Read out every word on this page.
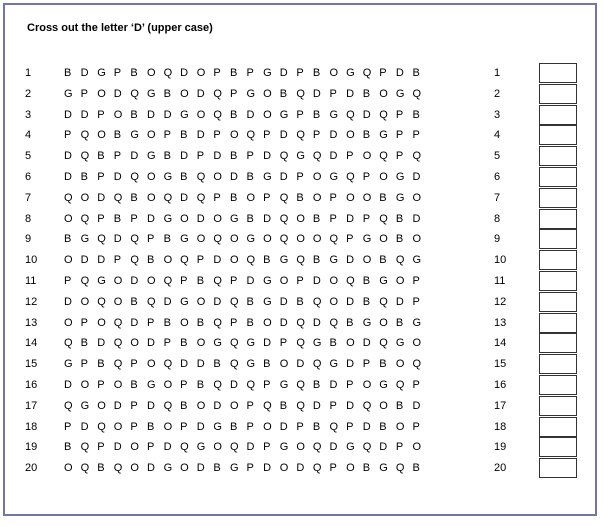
Cross out the letter ‘D’ (upper case)
1	B D G P B O Q D O P B P G D P B O G Q P D B	1
2	G P O D Q G B O D Q P G O B Q D P D B O G Q	2
3	D D P O B D D G O Q B D O G P B G Q D Q P B	3
4	P Q O B G O P B D P O Q P D Q P D O B G P P	4
5	D Q B P D G B D P D B P D Q G Q D P O Q P Q	5
6	D B P D Q O G B Q O D B G D P O G Q P O G D	6
7	Q O D Q B O Q D Q P B O P Q B O P O O B G O	7
8	O Q P B P D G O D O G B D Q O B P D P Q B D	8
9	B G Q D Q P B G O Q O G O Q O O Q P G O B O	9
10 O D D P Q B O Q P D O Q B G Q B G D O B Q G	10
11	P Q G O D O Q P B Q P D G O P D O Q B G O P	11
12 D O Q O B Q D G O D Q B G D B Q O D B Q D P	12
13 O P O Q D P B O B Q P B O D Q D Q B G O B G	13
14 Q B D Q O D P B O G Q G D P Q G B O D Q G O	14
15 G P B Q P O Q D D B Q G B O D Q G D P B O Q	15
16 D O P O B G O P B Q D Q P G Q B D P O G Q P	16
17 Q G O D P D Q B O D O P Q B Q D P D Q O B D	17
18 P D Q O P B O P D G B P O D P B Q P D B O P	18
19 B Q P D O P D Q G O Q D P G O Q D G Q D P O	19
20 O Q B Q O D G O D B G P D O D Q P O B G Q B	20
